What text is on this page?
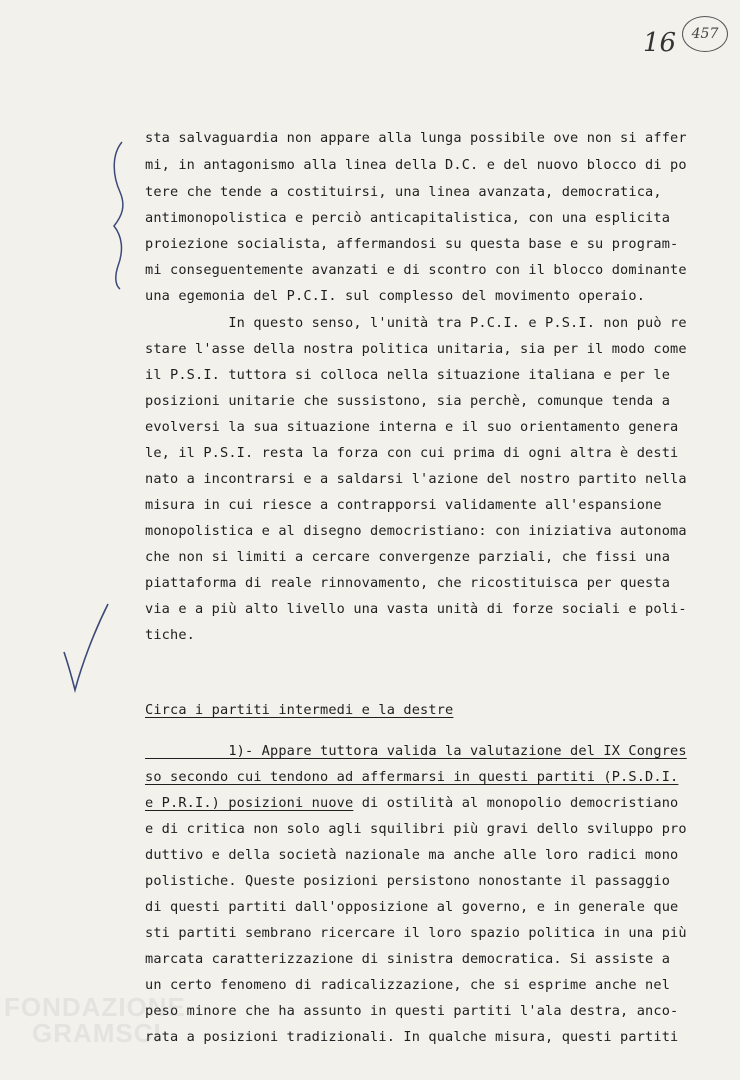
16	457
FONDAZIONE
GRAMSCI
sta salvaguardia non appare alla lunga possibile ove non si affer
mi, in antagonismo alla linea della D.C. e del nuovo blocco di po
tere che tende a costituirsi, una linea avanzata, democratica,
antimonopolistica e perciò anticapitalistica, con una esplicita
proiezione socialista, affermandosi su questa base e su program-
mi conseguentemente avanzati e di scontro con il blocco dominante
una egemonia del P.C.I. sul complesso del movimento operaio.
In questo senso, l'unità tra P.C.I. e P.S.I. non può re
stare l'asse della nostra politica unitaria, sia per il modo come
il P.S.I. tuttora si colloca nella situazione italiana e per le
posizioni unitarie che sussistono, sia perchè, comunque tenda a
evolversi la sua situazione interna e il suo orientamento genera
le, il P.S.I. resta la forza con cui prima di ogni altra è desti
nato a incontrarsi e a saldarsi l'azione del nostro partito nella
misura in cui riesce a contrapporsi validamente all'espansione
monopolistica e al disegno democristiano: con iniziativa autonoma
che non si limiti a cercare convergenze parziali, che fissi una
piattaforma di reale rinnovamento, che ricostituisca per questa
via e a più alto livello una vasta unità di forze sociali e poli-
tiche.
Circa i partiti intermedi e la destre
1)- Appare tuttora valida la valutazione del IX Congres
so secondo cui tendono ad affermarsi in questi partiti (P.S.D.I.
e P.R.I.) posizioni nuove di ostilità al monopolio democristiano
e di critica non solo agli squilibri più gravi dello sviluppo pro
duttivo e della società nazionale ma anche alle loro radici mono
polistiche. Queste posizioni persistono nonostante il passaggio
di questi partiti dall'opposizione al governo, e in generale que
sti partiti sembrano ricercare il loro spazio politica in una più
marcata caratterizzazione di sinistra democratica. Si assiste a
un certo fenomeno di radicalizzazione, che si esprime anche nel
peso minore che ha assunto in questi partiti l'ala destra, anco-
rata a posizioni tradizionali. In qualche misura, questi partiti
